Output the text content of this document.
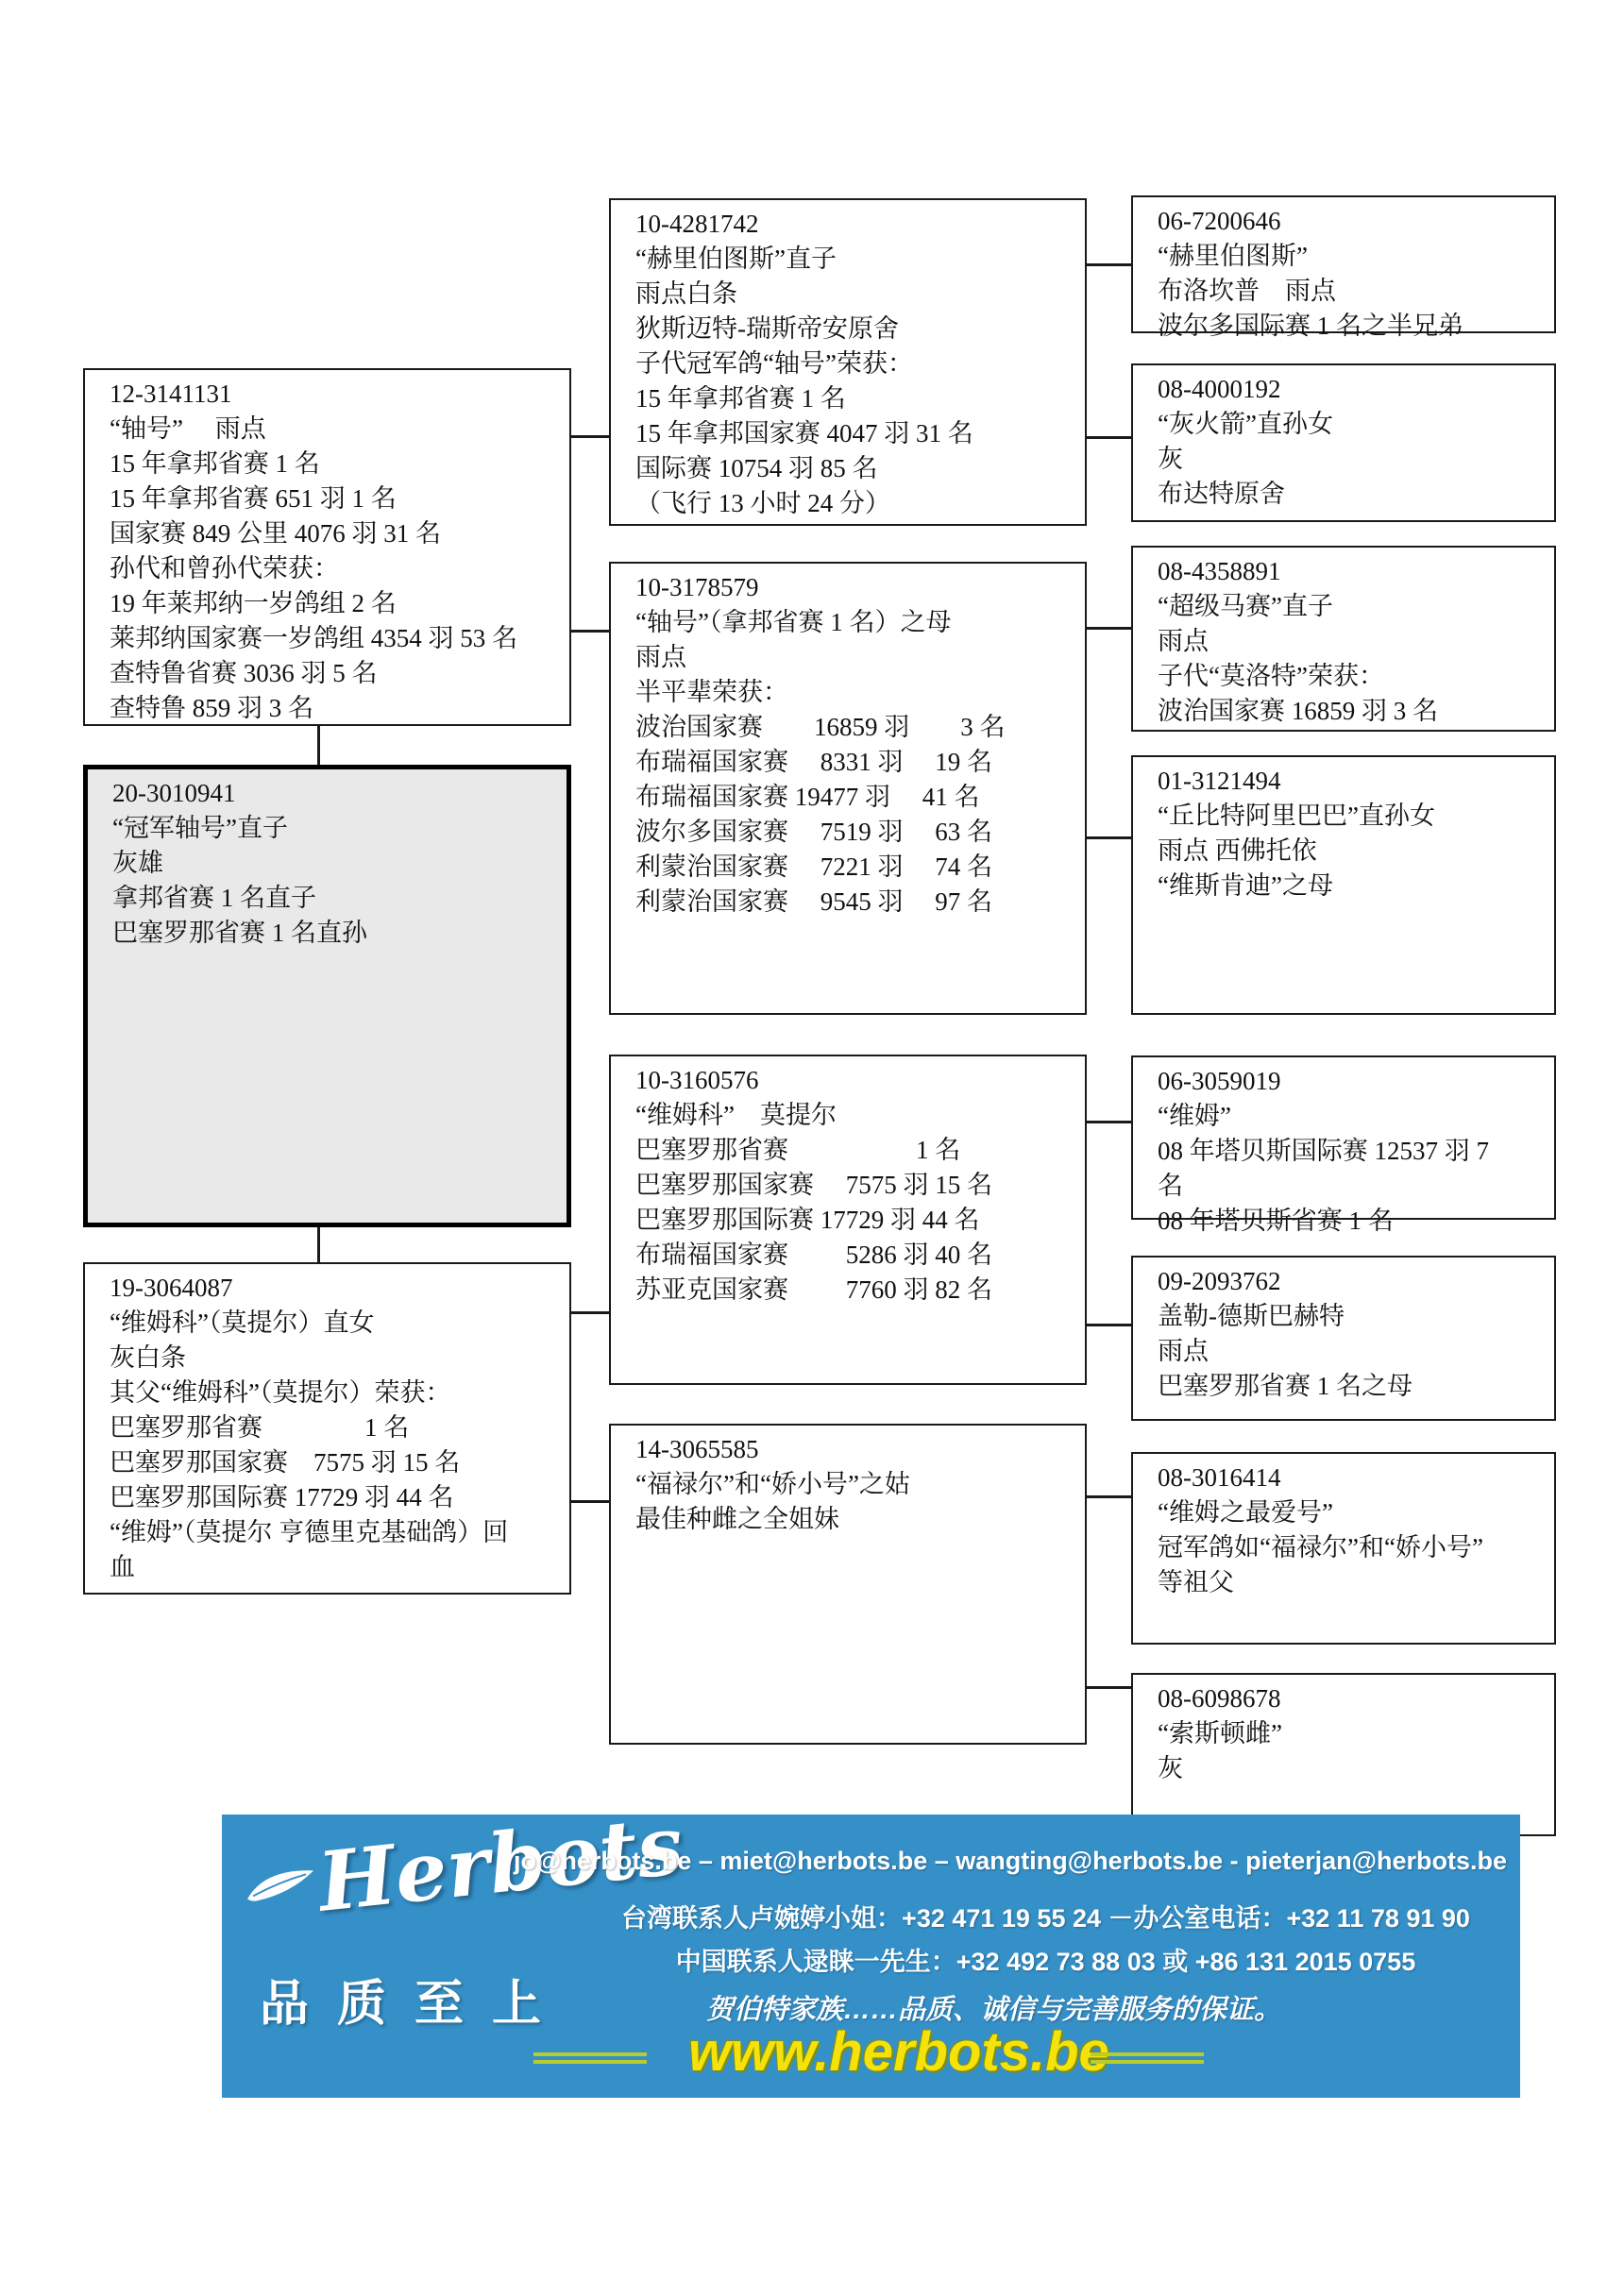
12-3141131
“轴号”　 雨点
15 年拿邦省赛 1 名
15 年拿邦省赛 651 羽 1 名
国家赛 849 公里 4076 羽 31 名
孙代和曾孙代荣获：
19 年莱邦纳一岁鸽组 2 名
莱邦纳国家赛一岁鸽组 4354 羽 53 名
查特鲁省赛 3036 羽 5 名
查特鲁 859 羽 3 名
20-3010941
“冠军轴号”直子
灰雄
拿邦省赛 1 名直子
巴塞罗那省赛 1 名直孙
19-3064087
“维姆科”（莫提尔）直女
灰白条
其父“维姆科”（莫提尔）荣获：
巴塞罗那省赛　　　　1 名
巴塞罗那国家赛　7575 羽 15 名
巴塞罗那国际赛 17729 羽 44 名
“维姆”（莫提尔 亨德里克基础鸽）回
血
10-4281742
“赫里伯图斯”直子
雨点白条
狄斯迈特-瑞斯帝安原舍
子代冠军鸽“轴号”荣获：
15 年拿邦省赛 1 名
15 年拿邦国家赛 4047 羽 31 名
国际赛 10754 羽 85 名
（飞行 13 小时 24 分）
10-3178579
“轴号”（拿邦省赛 1 名）之母
雨点
半平辈荣获：
波治国家赛　　16859 羽　　3 名
布瑞福国家赛　 8331 羽　 19 名
布瑞福国家赛 19477 羽　 41 名
波尔多国家赛　 7519 羽　 63 名
利蒙治国家赛　 7221 羽　 74 名
利蒙治国家赛　 9545 羽　 97 名
10-3160576
“维姆科”　莫提尔
巴塞罗那省赛　　　　　1 名
巴塞罗那国家赛　 7575 羽 15 名
巴塞罗那国际赛 17729 羽 44 名
布瑞福国家赛　　 5286 羽 40 名
苏亚克国家赛　　 7760 羽 82 名
14-3065585
“福禄尔”和“娇小号”之姑
最佳种雌之全姐妹
06-7200646
“赫里伯图斯”
布洛坎普　雨点
波尔多国际赛 1 名之半兄弟
08-4000192
“灰火箭”直孙女
灰
布达特原舍
08-4358891
“超级马赛”直子
雨点
子代“莫洛特”荣获：
波治国家赛 16859 羽 3 名
01-3121494
“丘比特阿里巴巴”直孙女
雨点 西佛托依
“维斯肯迪”之母
06-3059019
“维姆”
08 年塔贝斯国际赛 12537 羽 7
名
08 年塔贝斯省赛 1 名
09-2093762
盖勒-德斯巴赫特
雨点
巴塞罗那省赛 1 名之母
08-3016414
“维姆之最爱号”
冠军鸽如“福禄尔”和“娇小号”
等祖父
08-6098678
“索斯顿雌”
灰
Herbots
品质至上
jo@herbots.be – miet@herbots.be – wangting@herbots.be - pieterjan@herbots.be
台湾联系人卢婉婷小姐：+32 471 19 55 24 －办公室电话：+32 11 78 91 90
中国联系人逯睐一先生：+32 492 73 88 03 或 +86 131 2015 0755
贺伯特家族……品质、诚信与完善服务的保证。
www.herbots.be
